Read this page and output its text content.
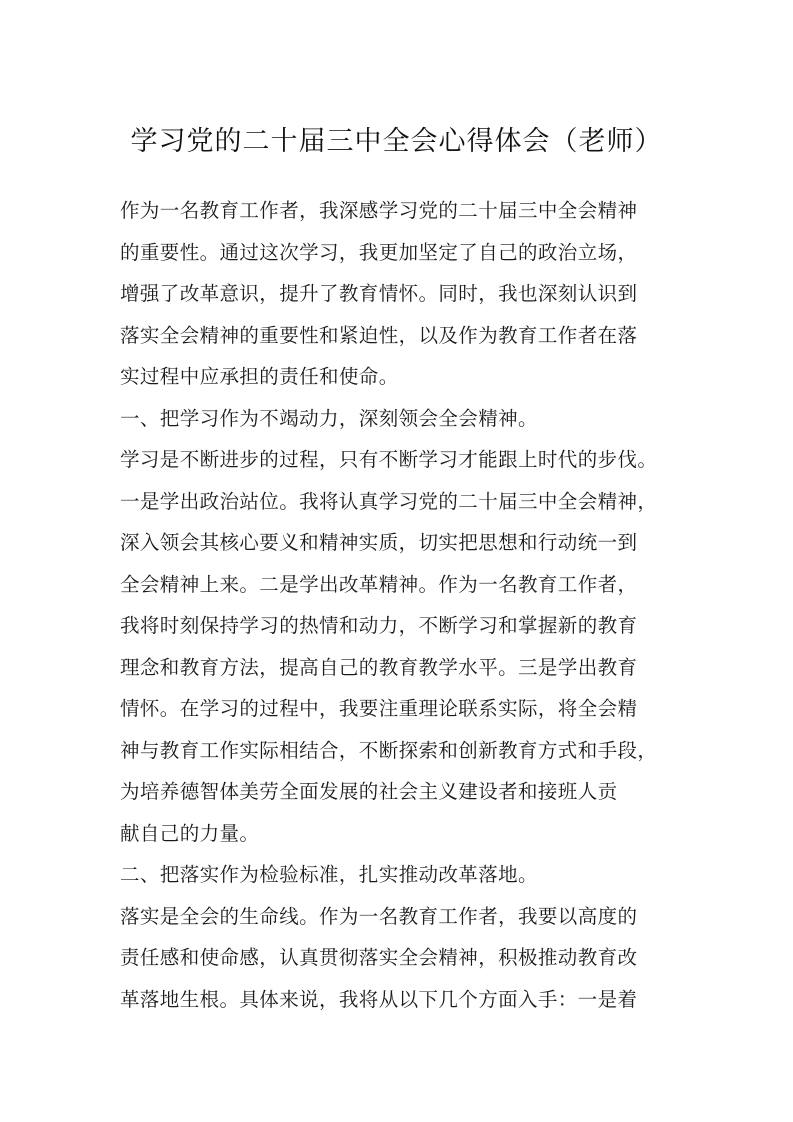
学习党的二十届三中全会心得体会（老师）
作为一名教育工作者，我深感学习党的二十届三中全会精神
的重要性。通过这次学习，我更加坚定了自己的政治立场，
增强了改革意识，提升了教育情怀。同时，我也深刻认识到
落实全会精神的重要性和紧迫性，以及作为教育工作者在落
实过程中应承担的责任和使命。
一、把学习作为不竭动力，深刻领会全会精神。
学习是不断进步的过程，只有不断学习才能跟上时代的步伐。
一是学出政治站位。我将认真学习党的二十届三中全会精神，
深入领会其核心要义和精神实质，切实把思想和行动统一到
全会精神上来。二是学出改革精神。作为一名教育工作者，
我将时刻保持学习的热情和动力，不断学习和掌握新的教育
理念和教育方法，提高自己的教育教学水平。三是学出教育
情怀。在学习的过程中，我要注重理论联系实际，将全会精
神与教育工作实际相结合，不断探索和创新教育方式和手段，
为培养德智体美劳全面发展的社会主义建设者和接班人贡
献自己的力量。
二、把落实作为检验标准，扎实推动改革落地。
落实是全会的生命线。作为一名教育工作者，我要以高度的
责任感和使命感，认真贯彻落实全会精神，积极推动教育改
革落地生根。具体来说，我将从以下几个方面入手：一是着
